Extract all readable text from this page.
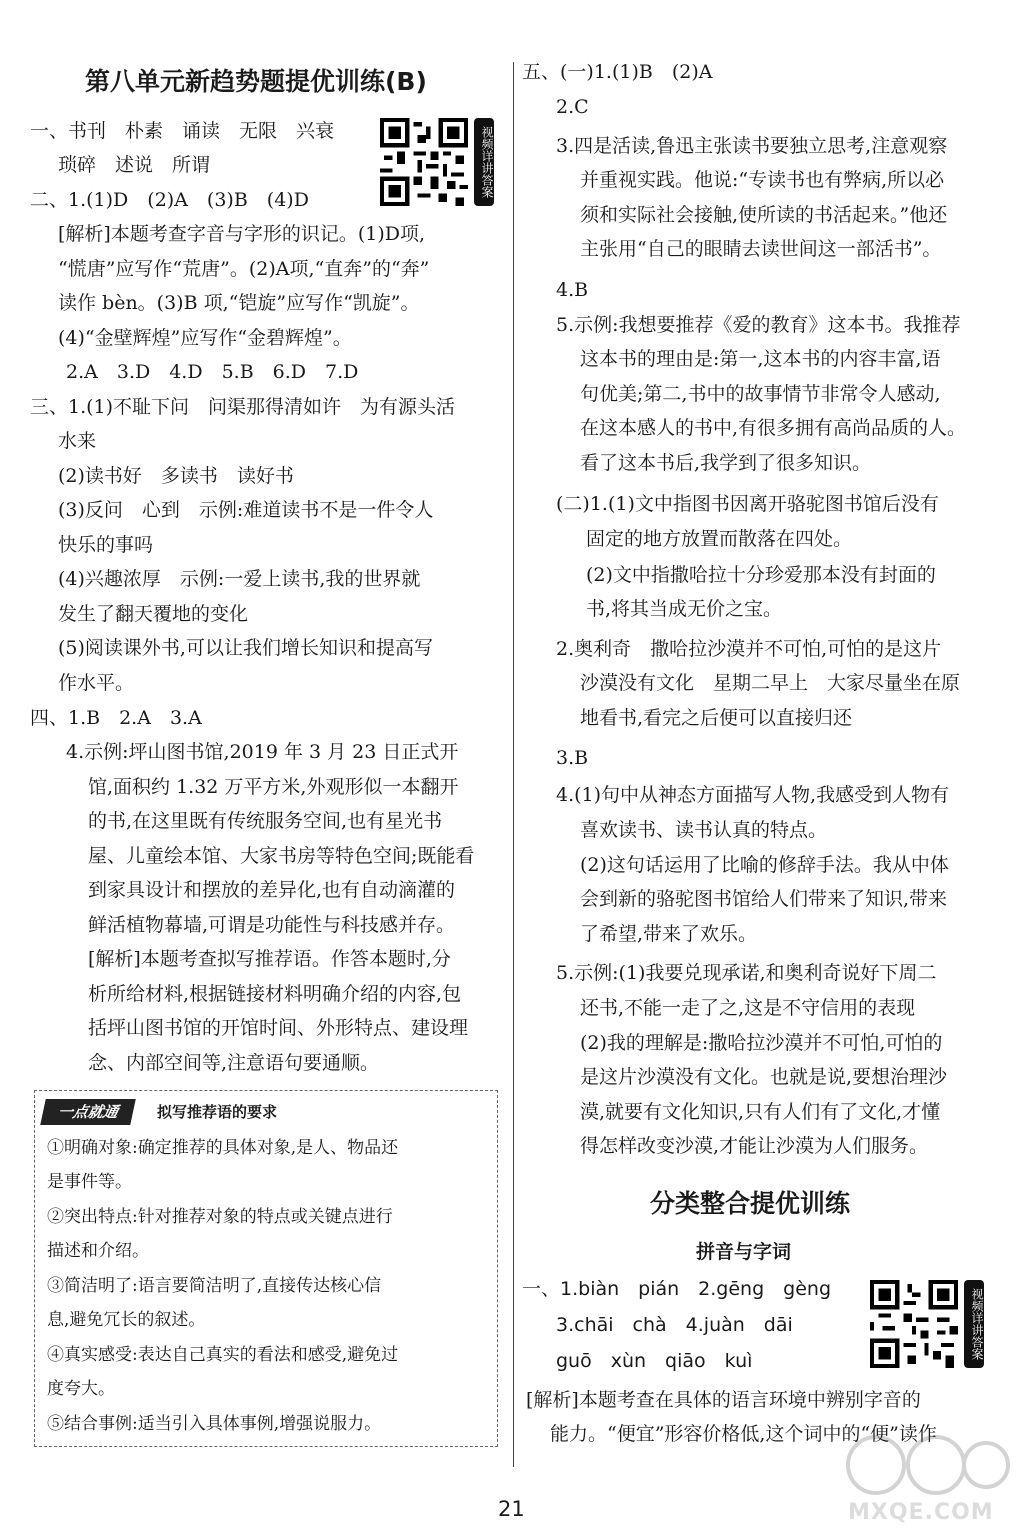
第八单元新趋势题提优训练(B)
一、书刊　朴素　诵读　无限　兴衰
琐碎　述说　所谓
二、1.(1)D　(2)A　(3)B　(4)D
[解析]本题考查字音与字形的识记。(1)D项,
“慌唐”应写作“荒唐”。(2)A项,“直奔”的“奔”
读作 bèn。(3)B 项,“铠旋”应写作“凯旋”。
(4)“金壁辉煌”应写作“金碧辉煌”。
2.A　3.D　4.D　5.B　6.D　7.D
三、1.(1)不耻下问　问渠那得清如许　为有源头活
水来
(2)读书好　多读书　读好书
(3)反问　心到　示例:难道读书不是一件令人
快乐的事吗
(4)兴趣浓厚　示例:一爱上读书,我的世界就
发生了翻天覆地的变化
(5)阅读课外书,可以让我们增长知识和提高写
作水平。
四、1.B　2.A　3.A
4.示例:坪山图书馆,2019 年 3 月 23 日正式开
馆,面积约 1.32 万平方米,外观形似一本翻开
的书,在这里既有传统服务空间,也有星光书
屋、儿童绘本馆、大家书房等特色空间;既能看
到家具设计和摆放的差异化,也有自动滴灌的
鲜活植物幕墙,可谓是功能性与科技感并存。
[解析]本题考查拟写推荐语。作答本题时,分
析所给材料,根据链接材料明确介绍的内容,包
括坪山图书馆的开馆时间、外形特点、建设理
念、内部空间等,注意语句要通顺。
视频详讲答案
一点就通	拟写推荐语的要求
①明确对象:确定推荐的具体对象,是人、物品还
是事件等。
②突出特点:针对推荐对象的特点或关键点进行
描述和介绍。
③简洁明了:语言要简洁明了,直接传达核心信
息,避免冗长的叙述。
④真实感受:表达自己真实的看法和感受,避免过
度夸大。
⑤结合事例:适当引入具体事例,增强说服力。
五、(一)1.(1)B　(2)A
2.C
3.四是活读,鲁迅主张读书要独立思考,注意观察
并重视实践。他说:“专读书也有弊病,所以必
须和实际社会接触,使所读的书活起来。”他还
主张用“自己的眼睛去读世间这一部活书”。
4.B
5.示例:我想要推荐《爱的教育》这本书。我推荐
这本书的理由是:第一,这本书的内容丰富,语
句优美;第二,书中的故事情节非常令人感动,
在这本感人的书中,有很多拥有高尚品质的人。
看了这本书后,我学到了很多知识。
(二)1.(1)文中指图书因离开骆驼图书馆后没有
固定的地方放置而散落在四处。
(2)文中指撒哈拉十分珍爱那本没有封面的
书,将其当成无价之宝。
2.奥利奇　撒哈拉沙漠并不可怕,可怕的是这片
沙漠没有文化　星期二早上　大家尽量坐在原
地看书,看完之后便可以直接归还
3.B
4.(1)句中从神态方面描写人物,我感受到人物有
喜欢读书、读书认真的特点。
(2)这句话运用了比喻的修辞手法。我从中体
会到新的骆驼图书馆给人们带来了知识,带来
了希望,带来了欢乐。
5.示例:(1)我要兑现承诺,和奥利奇说好下周二
还书,不能一走了之,这是不守信用的表现
(2)我的理解是:撒哈拉沙漠并不可怕,可怕的
是这片沙漠没有文化。也就是说,要想治理沙
漠,就要有文化知识,只有人们有了文化,才懂
得怎样改变沙漠,才能让沙漠为人们服务。
分类整合提优训练
拼音与字词
一、1.biàn　pián　2.gēng　gèng
3.chāi　chà　4.juàn　dāi
guō　xùn　qiāo　kuì
[解析]本题考查在具体的语言环境中辨别字音的
能力。“便宜”形容价格低,这个词中的“便”读作
视频详讲答案
21	MXQE.COM
